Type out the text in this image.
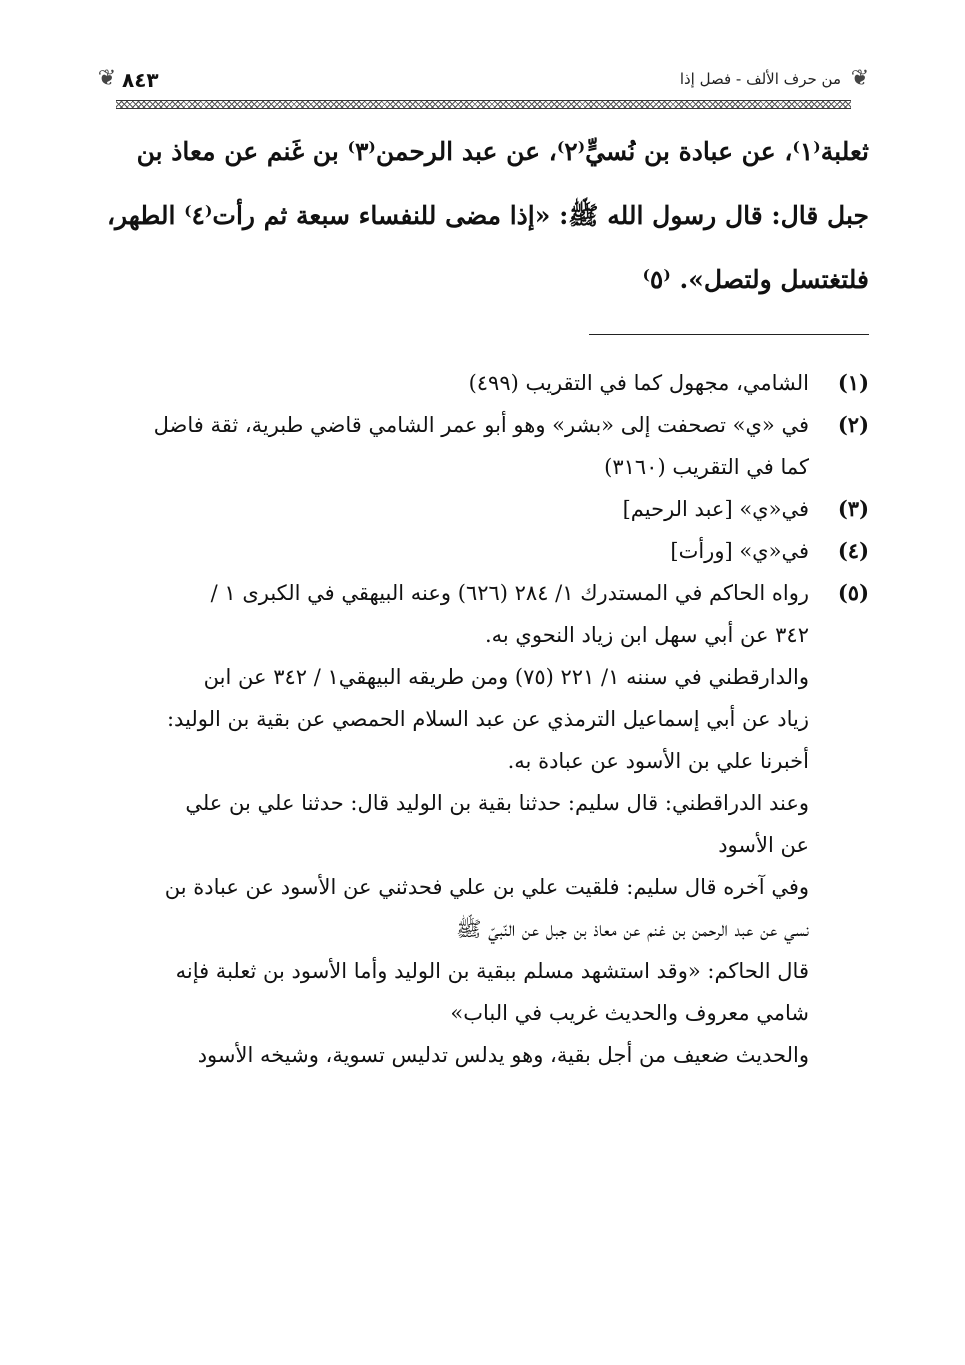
❦
من حرف الألف - فصل إذا
٨٤٣
❦

ثعلبة⁽١⁾، عن عبادة بن نُسيٍّ⁽٢⁾، عن عبد الرحمن⁽٣⁾ بن غَنم عن معاذ بن

جبل قال: قال رسول الله ﷺ: «إذا مضى للنفساء سبعة ثم رأت⁽٤⁾ الطهر،

فلتغتسل ولتصل». ⁽٥⁾

(١)
الشامي، مجهول كما في التقريب (٤٩٩)
(٢)
في «ي» تصحفت إلى «بشر» وهو أبو عمر الشامي قاضي طبرية، ثقة فاضل
كما في التقريب (٣١٦٠)
(٣)
في«ي» [عبد الرحيم]
(٤)
في«ي» [ورأت]
(٥)
رواه الحاكم في المستدرك ١/ ٢٨٤ (٦٢٦) وعنه البيهقي في الكبرى ١ /
٣٤٢ عن أبي سهل ابن زياد النحوي به.
والدارقطني في سننه ١/ ٢٢١ (٧٥) ومن طريقه البيهقي١ / ٣٤٢ عن ابن
زياد عن أبي إسماعيل الترمذي عن عبد السلام الحمصي عن بقية بن الوليد:
أخبرنا علي بن الأسود عن عبادة به.
وعند الدراقطني: قال سليم: حدثنا بقية بن الوليد قال: حدثنا علي بن علي
عن الأسود
وفي آخره قال سليم: فلقيت علي بن علي فحدثني عن الأسود عن عبادة بن
نسي عن عبد الرحمن بن غنم عن معاذ بن جبل عن النّبيّ ﷺ
قال الحاكم: «وقد استشهد مسلم ببقية بن الوليد وأما الأسود بن ثعلبة فإنه
شامي معروف والحديث غريب في الباب»
والحديث ضعيف من أجل بقية، وهو يدلس تدليس تسوية، وشيخه الأسود
